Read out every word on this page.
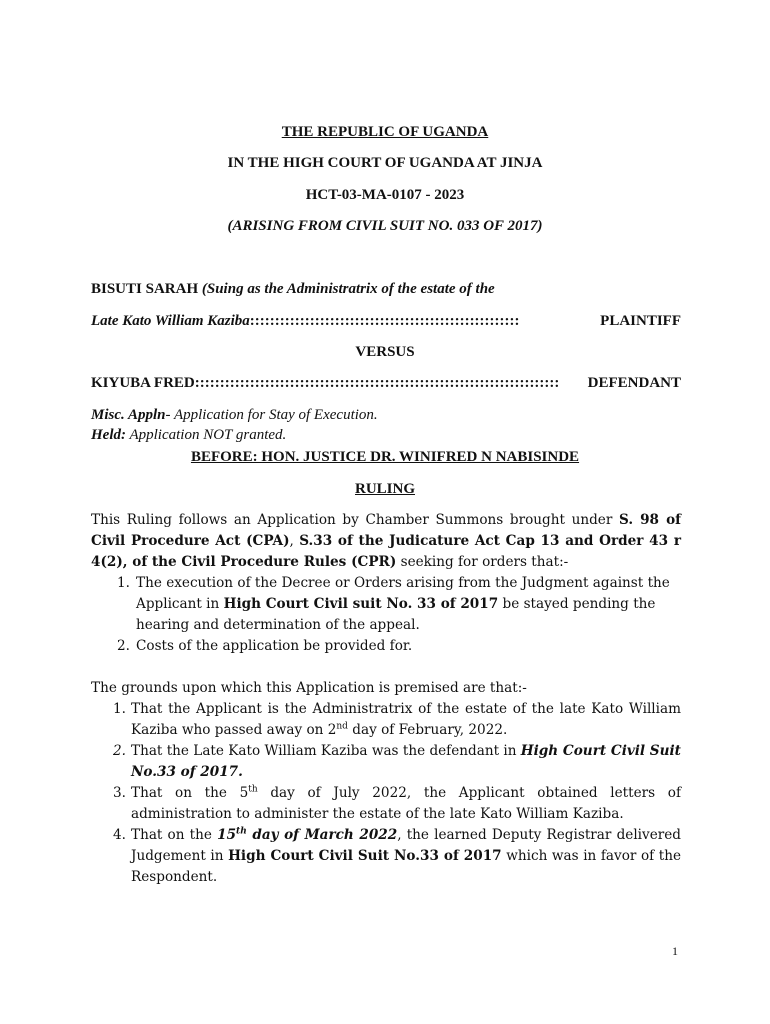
THE REPUBLIC OF UGANDA
IN THE HIGH COURT OF UGANDA AT JINJA
HCT-03-MA-0107 - 2023
(ARISING FROM CIVIL SUIT NO. 033 OF 2017)
BISUTI SARAH (Suing as the Administratrix of the estate of the
Late Kato William Kaziba ::::::::::::::::::::::::::::::::::::::::::::::::::::::	PLAINTIFF
VERSUS
KIYUBA FRED :::::::::::::::::::::::::::::::::::::::::::::::::::::::::::::::::::::::::	DEFENDANT
Misc. Appln- Application for Stay of Execution.
Held: Application NOT granted.
BEFORE: HON. JUSTICE DR. WINIFRED N NABISINDE
RULING
This Ruling follows an Application by Chamber Summons brought under S. 98 of Civil Procedure Act (CPA), S.33 of the Judicature Act Cap 13 and Order 43 r 4(2), of the Civil Procedure Rules (CPR) seeking for orders that:-
1. The execution of the Decree or Orders arising from the Judgment against the Applicant in High Court Civil suit No. 33 of 2017 be stayed pending the hearing and determination of the appeal.
2. Costs of the application be provided for.
The grounds upon which this Application is premised are that:-
1. That the Applicant is the Administratrix of the estate of the late Kato William Kaziba who passed away on 2nd day of February, 2022.
2. That the Late Kato William Kaziba was the defendant in High Court Civil Suit No.33 of 2017.
3. That on the 5th day of July 2022, the Applicant obtained letters of administration to administer the estate of the late Kato William Kaziba.
4. That on the 15th day of March 2022, the learned Deputy Registrar delivered Judgement in High Court Civil Suit No.33 of 2017 which was in favor of the Respondent.
1
